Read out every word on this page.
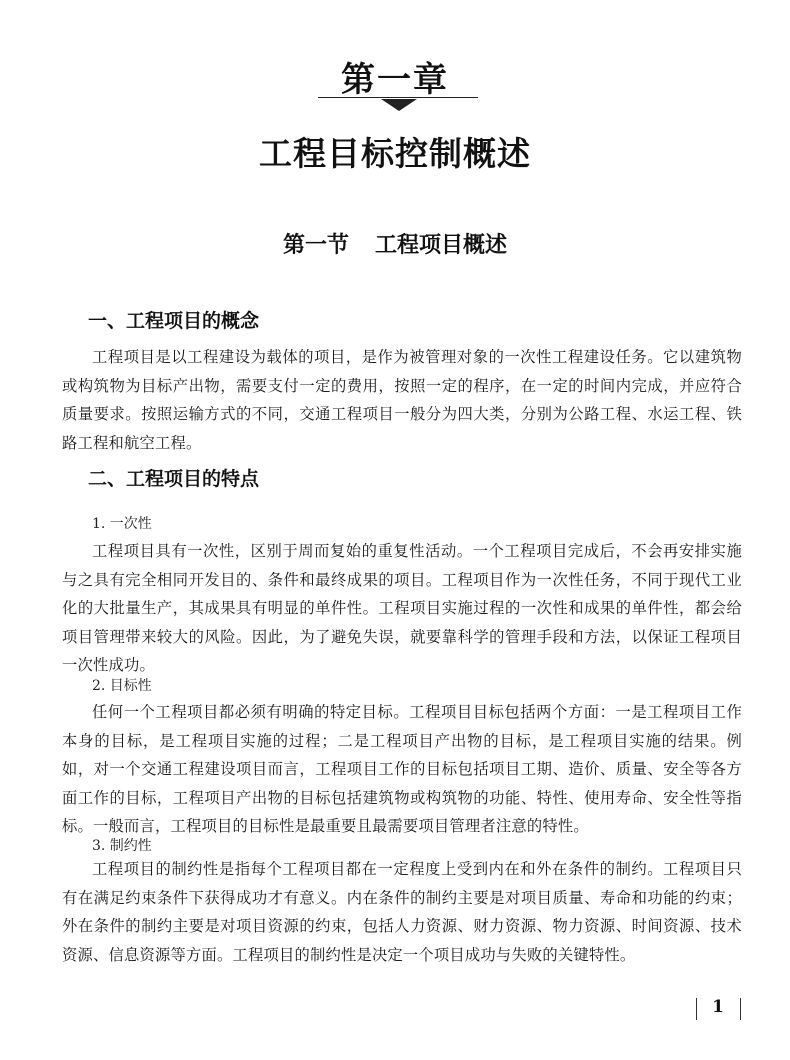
第一章
工程目标控制概述
第一节 工程项目概述
一、工程项目的概念
工程项目是以工程建设为载体的项目，是作为被管理对象的一次性工程建设任务。它以建筑物或构筑物为目标产出物，需要支付一定的费用，按照一定的程序，在一定的时间内完成，并应符合质量要求。按照运输方式的不同，交通工程项目一般分为四大类，分别为公路工程、水运工程、铁路工程和航空工程。
二、工程项目的特点
1. 一次性
工程项目具有一次性，区别于周而复始的重复性活动。一个工程项目完成后，不会再安排实施与之具有完全相同开发目的、条件和最终成果的项目。工程项目作为一次性任务，不同于现代工业化的大批量生产，其成果具有明显的单件性。工程项目实施过程的一次性和成果的单件性，都会给项目管理带来较大的风险。因此，为了避免失误，就要靠科学的管理手段和方法，以保证工程项目一次性成功。
2. 目标性
任何一个工程项目都必须有明确的特定目标。工程项目目标包括两个方面：一是工程项目工作本身的目标，是工程项目实施的过程；二是工程项目产出物的目标，是工程项目实施的结果。例如，对一个交通工程建设项目而言，工程项目工作的目标包括项目工期、造价、质量、安全等各方面工作的目标，工程项目产出物的目标包括建筑物或构筑物的功能、特性、使用寿命、安全性等指标。一般而言，工程项目的目标性是最重要且最需要项目管理者注意的特性。
3. 制约性
工程项目的制约性是指每个工程项目都在一定程度上受到内在和外在条件的制约。工程项目只有在满足约束条件下获得成功才有意义。内在条件的制约主要是对项目质量、寿命和功能的约束；外在条件的制约主要是对项目资源的约束，包括人力资源、财力资源、物力资源、时间资源、技术资源、信息资源等方面。工程项目的制约性是决定一个项目成功与失败的关键特性。
1
